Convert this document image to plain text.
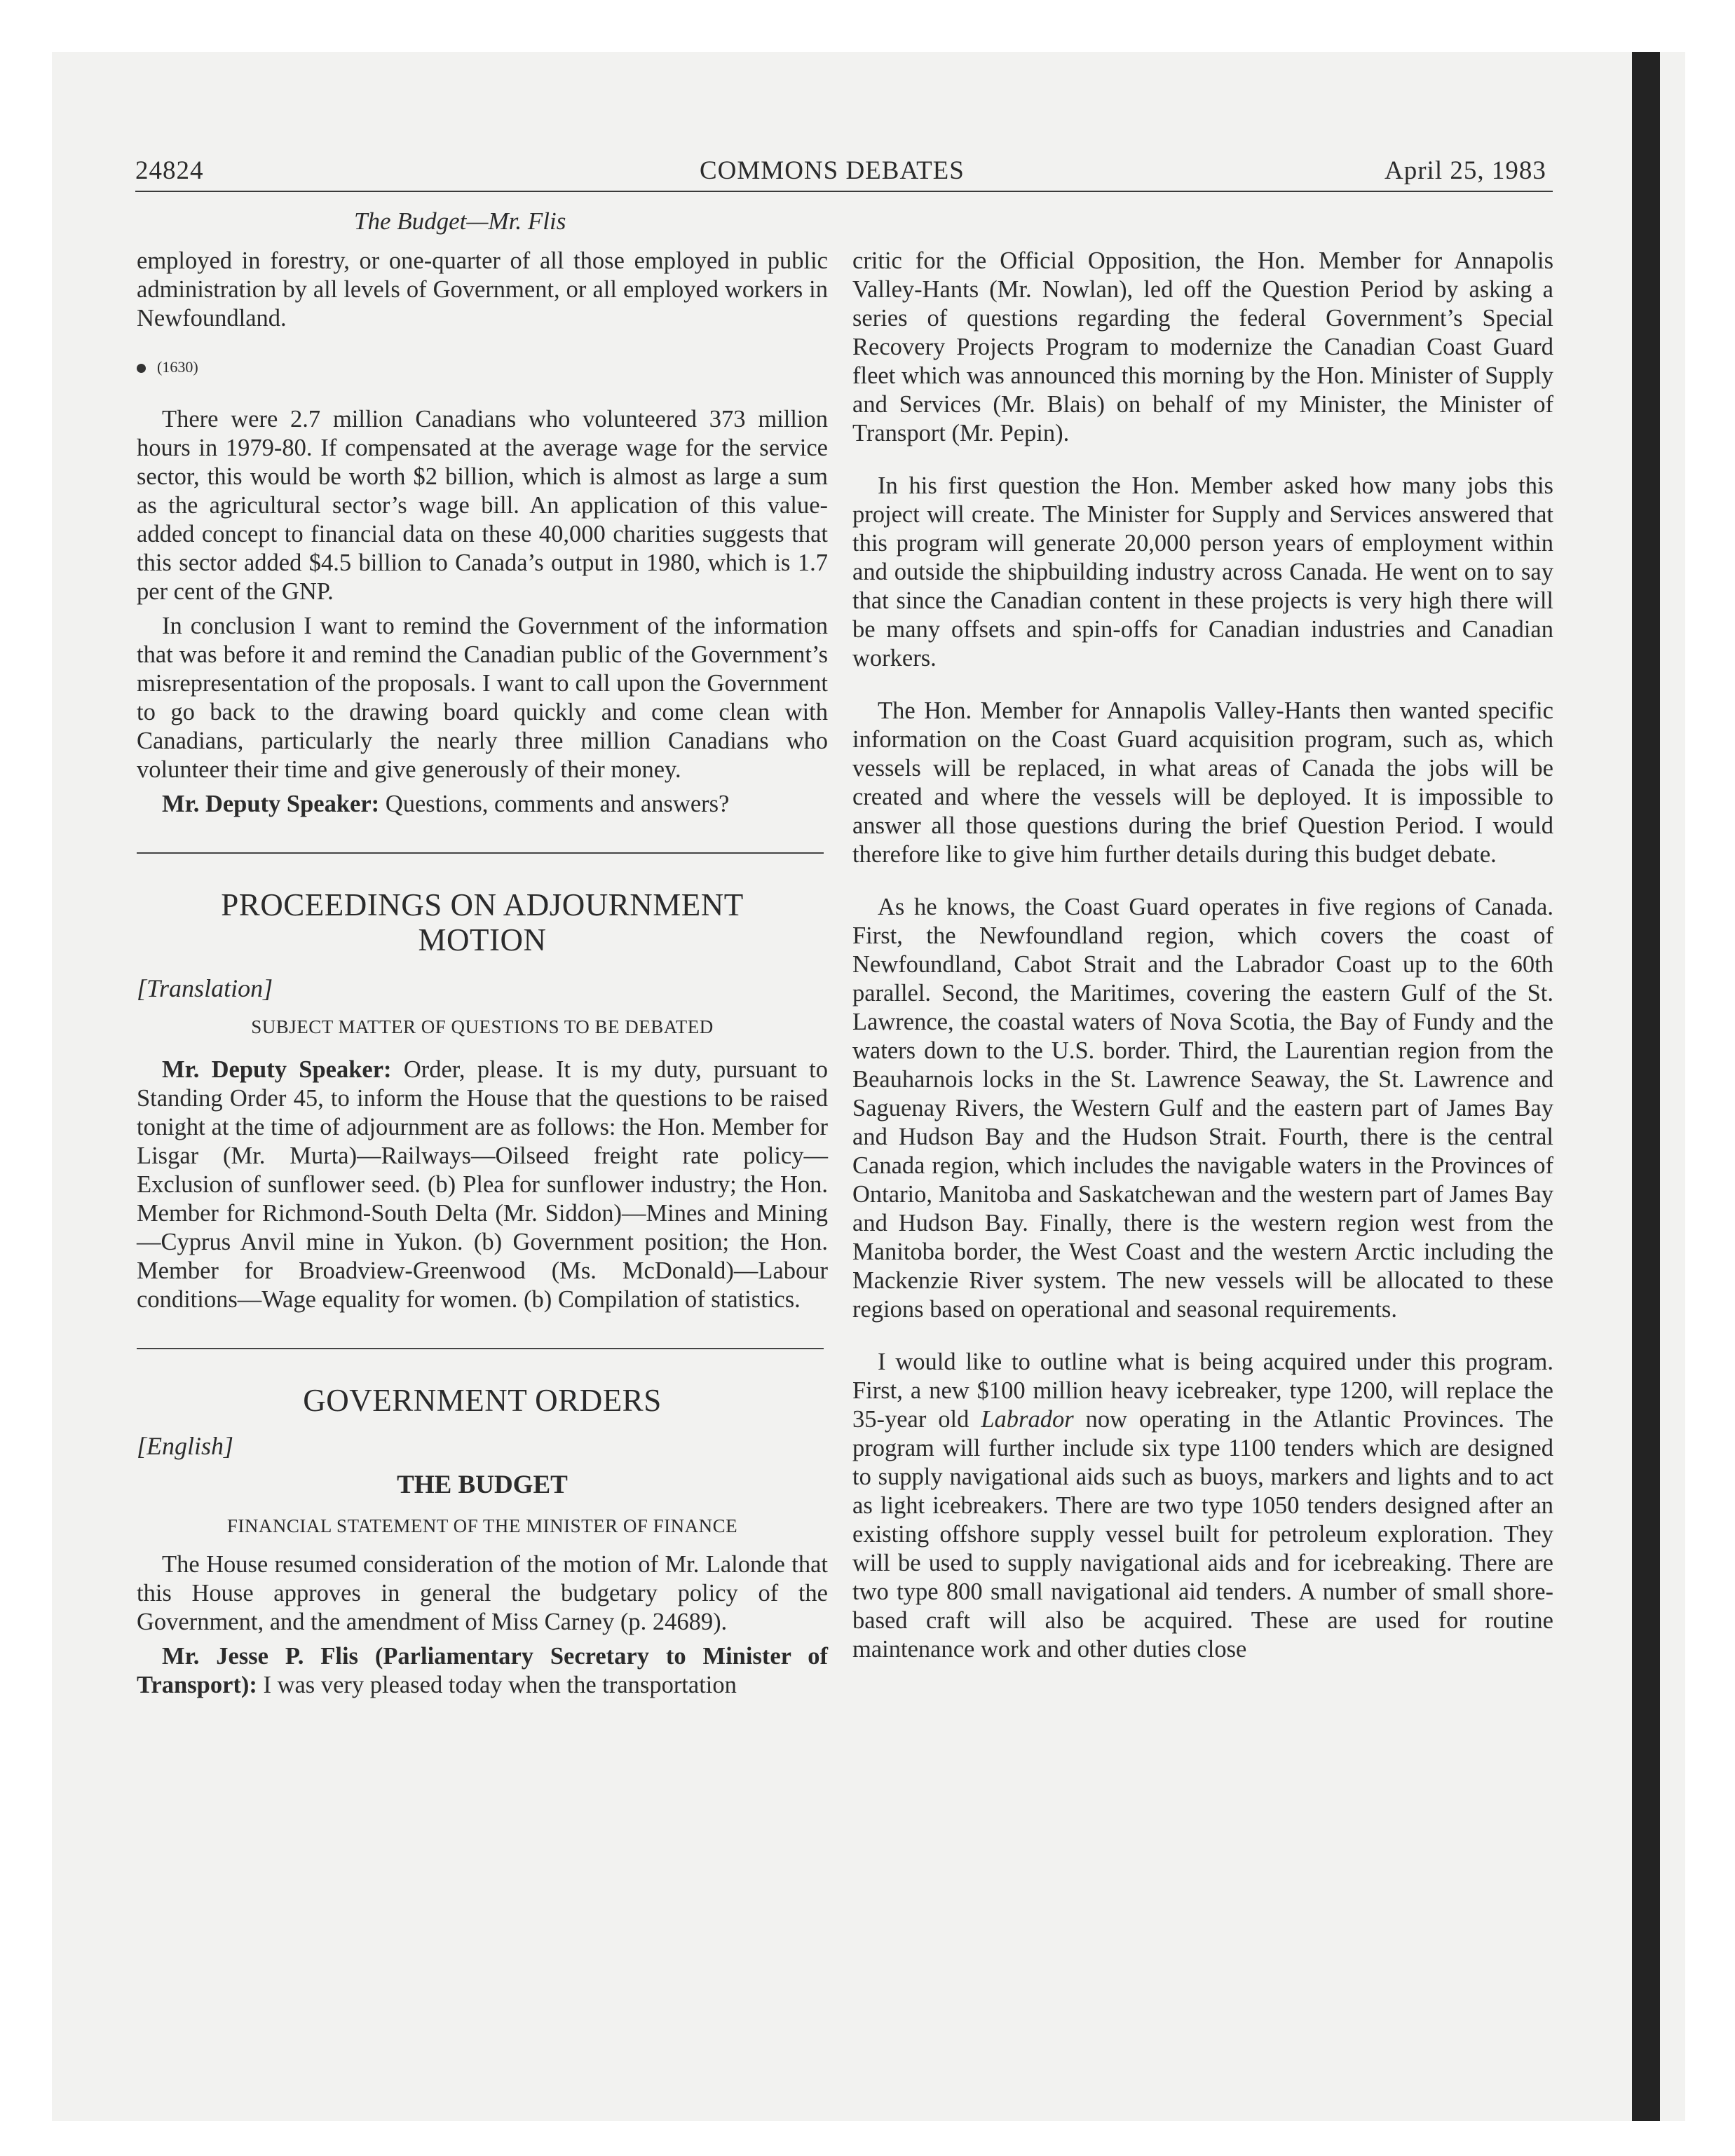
24824	COMMONS DEBATES	April 25, 1983
The Budget—Mr. Flis

employed in forestry, or one-quarter of all those employed in public administration by all levels of Government, or all employed workers in Newfoundland.

(1630)

There were 2.7 million Canadians who volunteered 373 million hours in 1979-80. If compensated at the average wage for the service sector, this would be worth $2 billion, which is almost as large a sum as the agricultural sector’s wage bill. An application of this value-added concept to financial data on these 40,000 charities suggests that this sector added $4.5 billion to Canada’s output in 1980, which is 1.7 per cent of the GNP.

In conclusion I want to remind the Government of the information that was before it and remind the Canadian public of the Government’s misrepresentation of the proposals. I want to call upon the Government to go back to the drawing board quickly and come clean with Canadians, particularly the nearly three million Canadians who volunteer their time and give generously of their money.

Mr. Deputy Speaker: Questions, comments and answers?

PROCEEDINGS ON ADJOURNMENT MOTION

[Translation]

SUBJECT MATTER OF QUESTIONS TO BE DEBATED

Mr. Deputy Speaker: Order, please. It is my duty, pursuant to Standing Order 45, to inform the House that the questions to be raised tonight at the time of adjournment are as follows: the Hon. Member for Lisgar (Mr. Murta)—Railways—Oilseed freight rate policy—Exclusion of sunflower seed. (b) Plea for sunflower industry; the Hon. Member for Richmond-South Delta (Mr. Siddon)—Mines and Mining—Cyprus Anvil mine in Yukon. (b) Government position; the Hon. Member for Broadview-Greenwood (Ms. McDonald)—Labour conditions—Wage equality for women. (b) Compilation of statistics.

GOVERNMENT ORDERS

[English]

THE BUDGET

FINANCIAL STATEMENT OF THE MINISTER OF FINANCE

The House resumed consideration of the motion of Mr. Lalonde that this House approves in general the budgetary policy of the Government, and the amendment of Miss Carney (p. 24689).

Mr. Jesse P. Flis (Parliamentary Secretary to Minister of Transport): I was very pleased today when the transportation

critic for the Official Opposition, the Hon. Member for Annapolis Valley-Hants (Mr. Nowlan), led off the Question Period by asking a series of questions regarding the federal Government’s Special Recovery Projects Program to modernize the Canadian Coast Guard fleet which was announced this morning by the Hon. Minister of Supply and Services (Mr. Blais) on behalf of my Minister, the Minister of Transport (Mr. Pepin).

In his first question the Hon. Member asked how many jobs this project will create. The Minister for Supply and Services answered that this program will generate 20,000 person years of employment within and outside the shipbuilding industry across Canada. He went on to say that since the Canadian content in these projects is very high there will be many offsets and spin-offs for Canadian industries and Canadian workers.

The Hon. Member for Annapolis Valley-Hants then wanted specific information on the Coast Guard acquisition program, such as, which vessels will be replaced, in what areas of Canada the jobs will be created and where the vessels will be deployed. It is impossible to answer all those questions during the brief Question Period. I would therefore like to give him further details during this budget debate.

As he knows, the Coast Guard operates in five regions of Canada. First, the Newfoundland region, which covers the coast of Newfoundland, Cabot Strait and the Labrador Coast up to the 60th parallel. Second, the Maritimes, covering the eastern Gulf of the St. Lawrence, the coastal waters of Nova Scotia, the Bay of Fundy and the waters down to the U.S. border. Third, the Laurentian region from the Beauharnois locks in the St. Lawrence Seaway, the St. Lawrence and Saguenay Rivers, the Western Gulf and the eastern part of James Bay and Hudson Bay and the Hudson Strait. Fourth, there is the central Canada region, which includes the navigable waters in the Provinces of Ontario, Manitoba and Saskatchewan and the western part of James Bay and Hudson Bay. Finally, there is the western region west from the Manitoba border, the West Coast and the western Arctic including the Mackenzie River system. The new vessels will be allocated to these regions based on operational and seasonal requirements.

I would like to outline what is being acquired under this program. First, a new $100 million heavy icebreaker, type 1200, will replace the 35-year old Labrador now operating in the Atlantic Provinces. The program will further include six type 1100 tenders which are designed to supply navigational aids such as buoys, markers and lights and to act as light icebreakers. There are two type 1050 tenders designed after an existing offshore supply vessel built for petroleum exploration. They will be used to supply navigational aids and for icebreaking. There are two type 800 small navigational aid tenders. A number of small shore-based craft will also be acquired. These are used for routine maintenance work and other duties close
